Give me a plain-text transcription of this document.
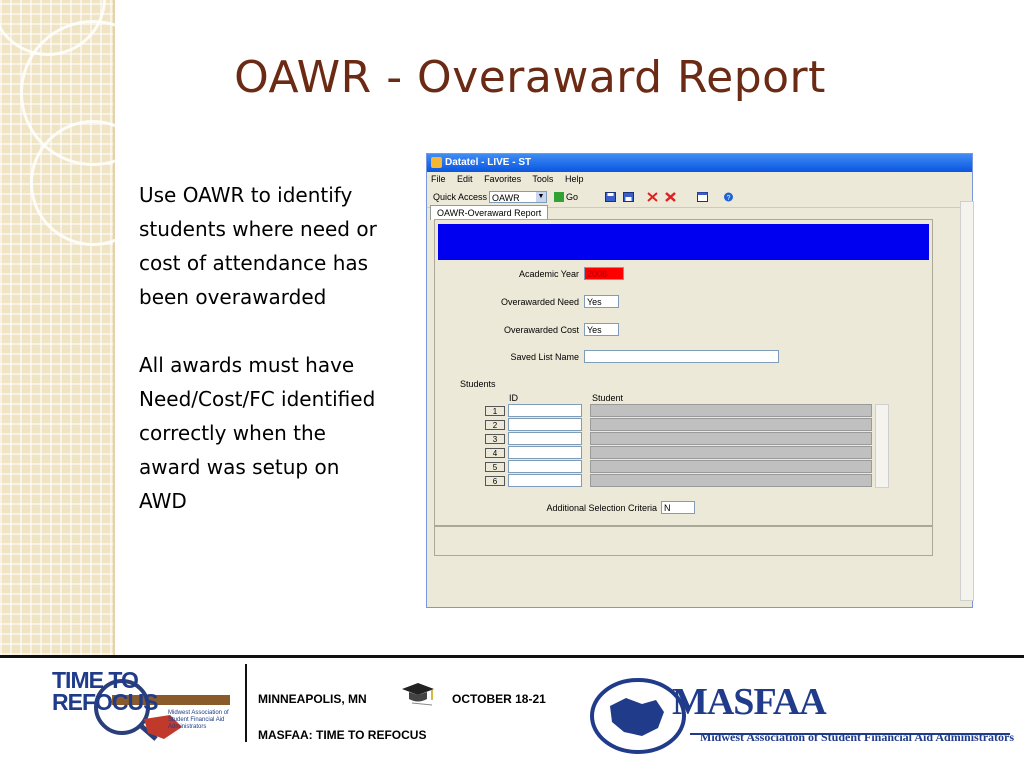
OAWR - Overaward Report

Use OAWR to identify students where need or cost of attendance has been overawarded

All awards must have Need/Cost/FC identified correctly when the award was setup on AWD

Datatel - LIVE - ST
File Edit Favorites Tools Help
Quick Access OAWR	▼	Go	?
OAWR-Overaward Report
Academic Year 2008
Overawarded Need Yes
Overawarded Cost Yes
Saved List Name
Students
ID	Student
1
2
3
4
5
6
Additional Selection Criteria N
TIME TO REFOCUS	Midwest Association of Student Financial Aid Administrators
MINNEAPOLIS, MN	OCTOBER 18-21
MASFAA: TIME TO REFOCUS
MASFAA
Midwest Association of Student Financial Aid Administrators
